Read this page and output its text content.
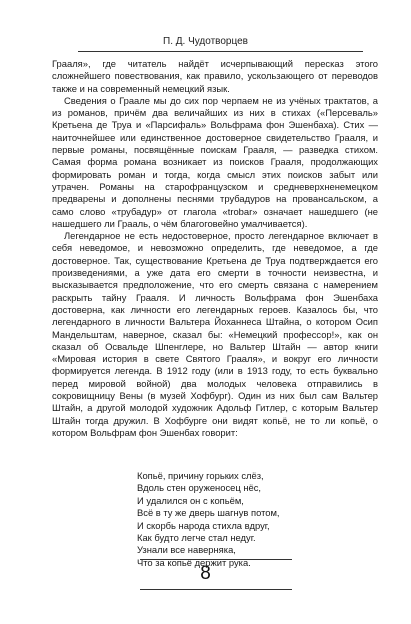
П. Д. Чудотворцев

Грааля», где читатель найдёт исчерпывающий пересказ этого сложнейшего повествования, как правило, ускользающего от переводов также и на современный немецкий язык.

Сведения о Граале мы до сих пор черпаем не из учёных трактатов, а из романов, причём два величайших из них в стихах («Персеваль» Кретьена де Труа и «Парсифаль» Вольфрама фон Эшенбаха). Стих — наиточнейшее или единственное достоверное свидетельство Грааля, и первые романы, посвящённые поискам Грааля, — разведка стихом. Самая форма романа возникает из поисков Грааля, продолжающих формировать роман и тогда, когда смысл этих поисков забыт или утрачен. Романы на старофранцузском и средневерхненемецком предварены и дополнены песнями трубадуров на провансальском, а само слово «трубадур» от глагола «trobar» означает нашедшего (не нашедшего ли Грааль, о чём благоговейно умалчивается).

Легендарное не есть недостоверное, просто легендарное включает в себя неведомое, и невозможно определить, где неведомое, а где достоверное. Так, существование Кретьена де Труа подтверждается его произведениями, а уже дата его смерти в точности неизвестна, и высказывается предположение, что его смерть связана с намерением раскрыть тайну Грааля. И личность Вольфрама фон Эшенбаха достоверна, как личности его легендарных героев. Казалось бы, что легендарного в личности Вальтера Йоханнеса Штайна, о котором Осип Мандельштам, наверное, сказал бы: «Немецкий профессор!», как он сказал об Освальде Шпенглере, но Вальтер Штайн — автор книги «Мировая история в свете Святого Грааля», и вокруг его личности формируется легенда. В 1912 году (или в 1913 году, то есть буквально перед мировой войной) два молодых человека отправились в сокровищницу Вены (в музей Хофбург). Один из них был сам Вальтер Штайн, а другой молодой художник Адольф Гитлер, с которым Вальтер Штайн тогда дружил. В Хофбурге они видят копьё, не то ли копьё, о котором Вольфрам фон Эшенбах говорит:

Копьё, причину горьких слёз,
Вдоль стен оруженосец нёс,
И удалился он с копьём,
Всё в ту же дверь шагнув потом,
И скорбь народа стихла вдруг,
Как будто легче стал недуг.
Узнали все наверняка,
Что за копьё держит рука.
8
